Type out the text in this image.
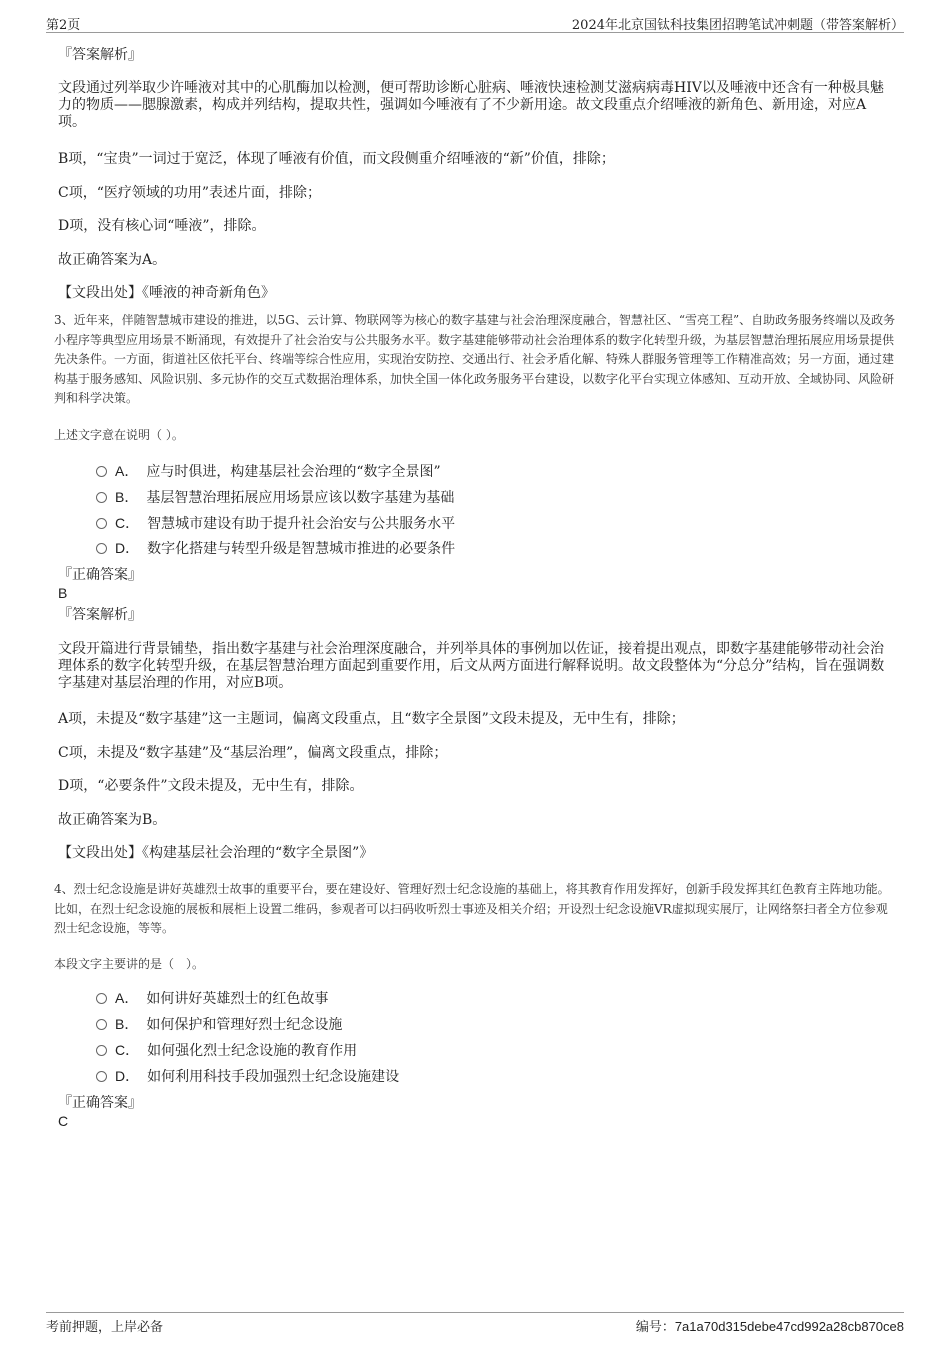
第2页	2024年北京国钛科技集团招聘笔试冲刺题（带答案解析）
『答案解析』
文段通过列举取少许唾液对其中的心肌酶加以检测，便可帮助诊断心脏病、唾液快速检测艾滋病病毒HIV以及唾液中还含有一种极具魅力的物质——腮腺激素，构成并列结构，提取共性，强调如今唾液有了不少新用途。故文段重点介绍唾液的新角色、新用途，对应A项。
B项，“宝贵”一词过于宽泛，体现了唾液有价值，而文段侧重介绍唾液的“新”价值，排除；
C项，“医疗领域的功用”表述片面，排除；
D项，没有核心词“唾液”，排除。
故正确答案为A。
【文段出处】《唾液的神奇新角色》
3、近年来，伴随智慧城市建设的推进，以5G、云计算、物联网等为核心的数字基建与社会治理深度融合，智慧社区、“雪亮工程”、自助政务服务终端以及政务小程序等典型应用场景不断涌现，有效提升了社会治安与公共服务水平。数字基建能够带动社会治理体系的数字化转型升级，为基层智慧治理拓展应用场景提供先决条件。一方面，街道社区依托平台、终端等综合性应用，实现治安防控、交通出行、社会矛盾化解、特殊人群服务管理等工作精准高效；另一方面，通过建构基于服务感知、风险识别、多元协作的交互式数据治理体系，加快全国一体化政务服务平台建设，以数字化平台实现立体感知、互动开放、全域协同、风险研判和科学决策。
上述文字意在说明（ ）。
A． 应与时俱进，构建基层社会治理的“数字全景图”
B． 基层智慧治理拓展应用场景应该以数字基建为基础
C． 智慧城市建设有助于提升社会治安与公共服务水平
D． 数字化搭建与转型升级是智慧城市推进的必要条件
『正确答案』
B
『答案解析』
文段开篇进行背景铺垫，指出数字基建与社会治理深度融合，并列举具体的事例加以佐证，接着提出观点，即数字基建能够带动社会治理体系的数字化转型升级，在基层智慧治理方面起到重要作用，后文从两方面进行解释说明。故文段整体为“分总分”结构，旨在强调数字基建对基层治理的作用，对应B项。
A项，未提及“数字基建”这一主题词，偏离文段重点，且“数字全景图”文段未提及，无中生有，排除；
C项，未提及“数字基建”及“基层治理”，偏离文段重点，排除；
D项，“必要条件”文段未提及，无中生有，排除。
故正确答案为B。
【文段出处】《构建基层社会治理的“数字全景图”》
4、烈士纪念设施是讲好英雄烈士故事的重要平台，要在建设好、管理好烈士纪念设施的基础上，将其教育作用发挥好，创新手段发挥其红色教育主阵地功能。比如，在烈士纪念设施的展板和展柜上设置二维码，参观者可以扫码收听烈士事迹及相关介绍；开设烈士纪念设施VR虚拟现实展厅，让网络祭扫者全方位参观烈士纪念设施，等等。
本段文字主要讲的是（　）。
A． 如何讲好英雄烈士的红色故事
B． 如何保护和管理好烈士纪念设施
C． 如何强化烈士纪念设施的教育作用
D． 如何利用科技手段加强烈士纪念设施建设
『正确答案』
C
考前押题，上岸必备	编号：7a1a70d315debe47cd992a28cb870ce8
